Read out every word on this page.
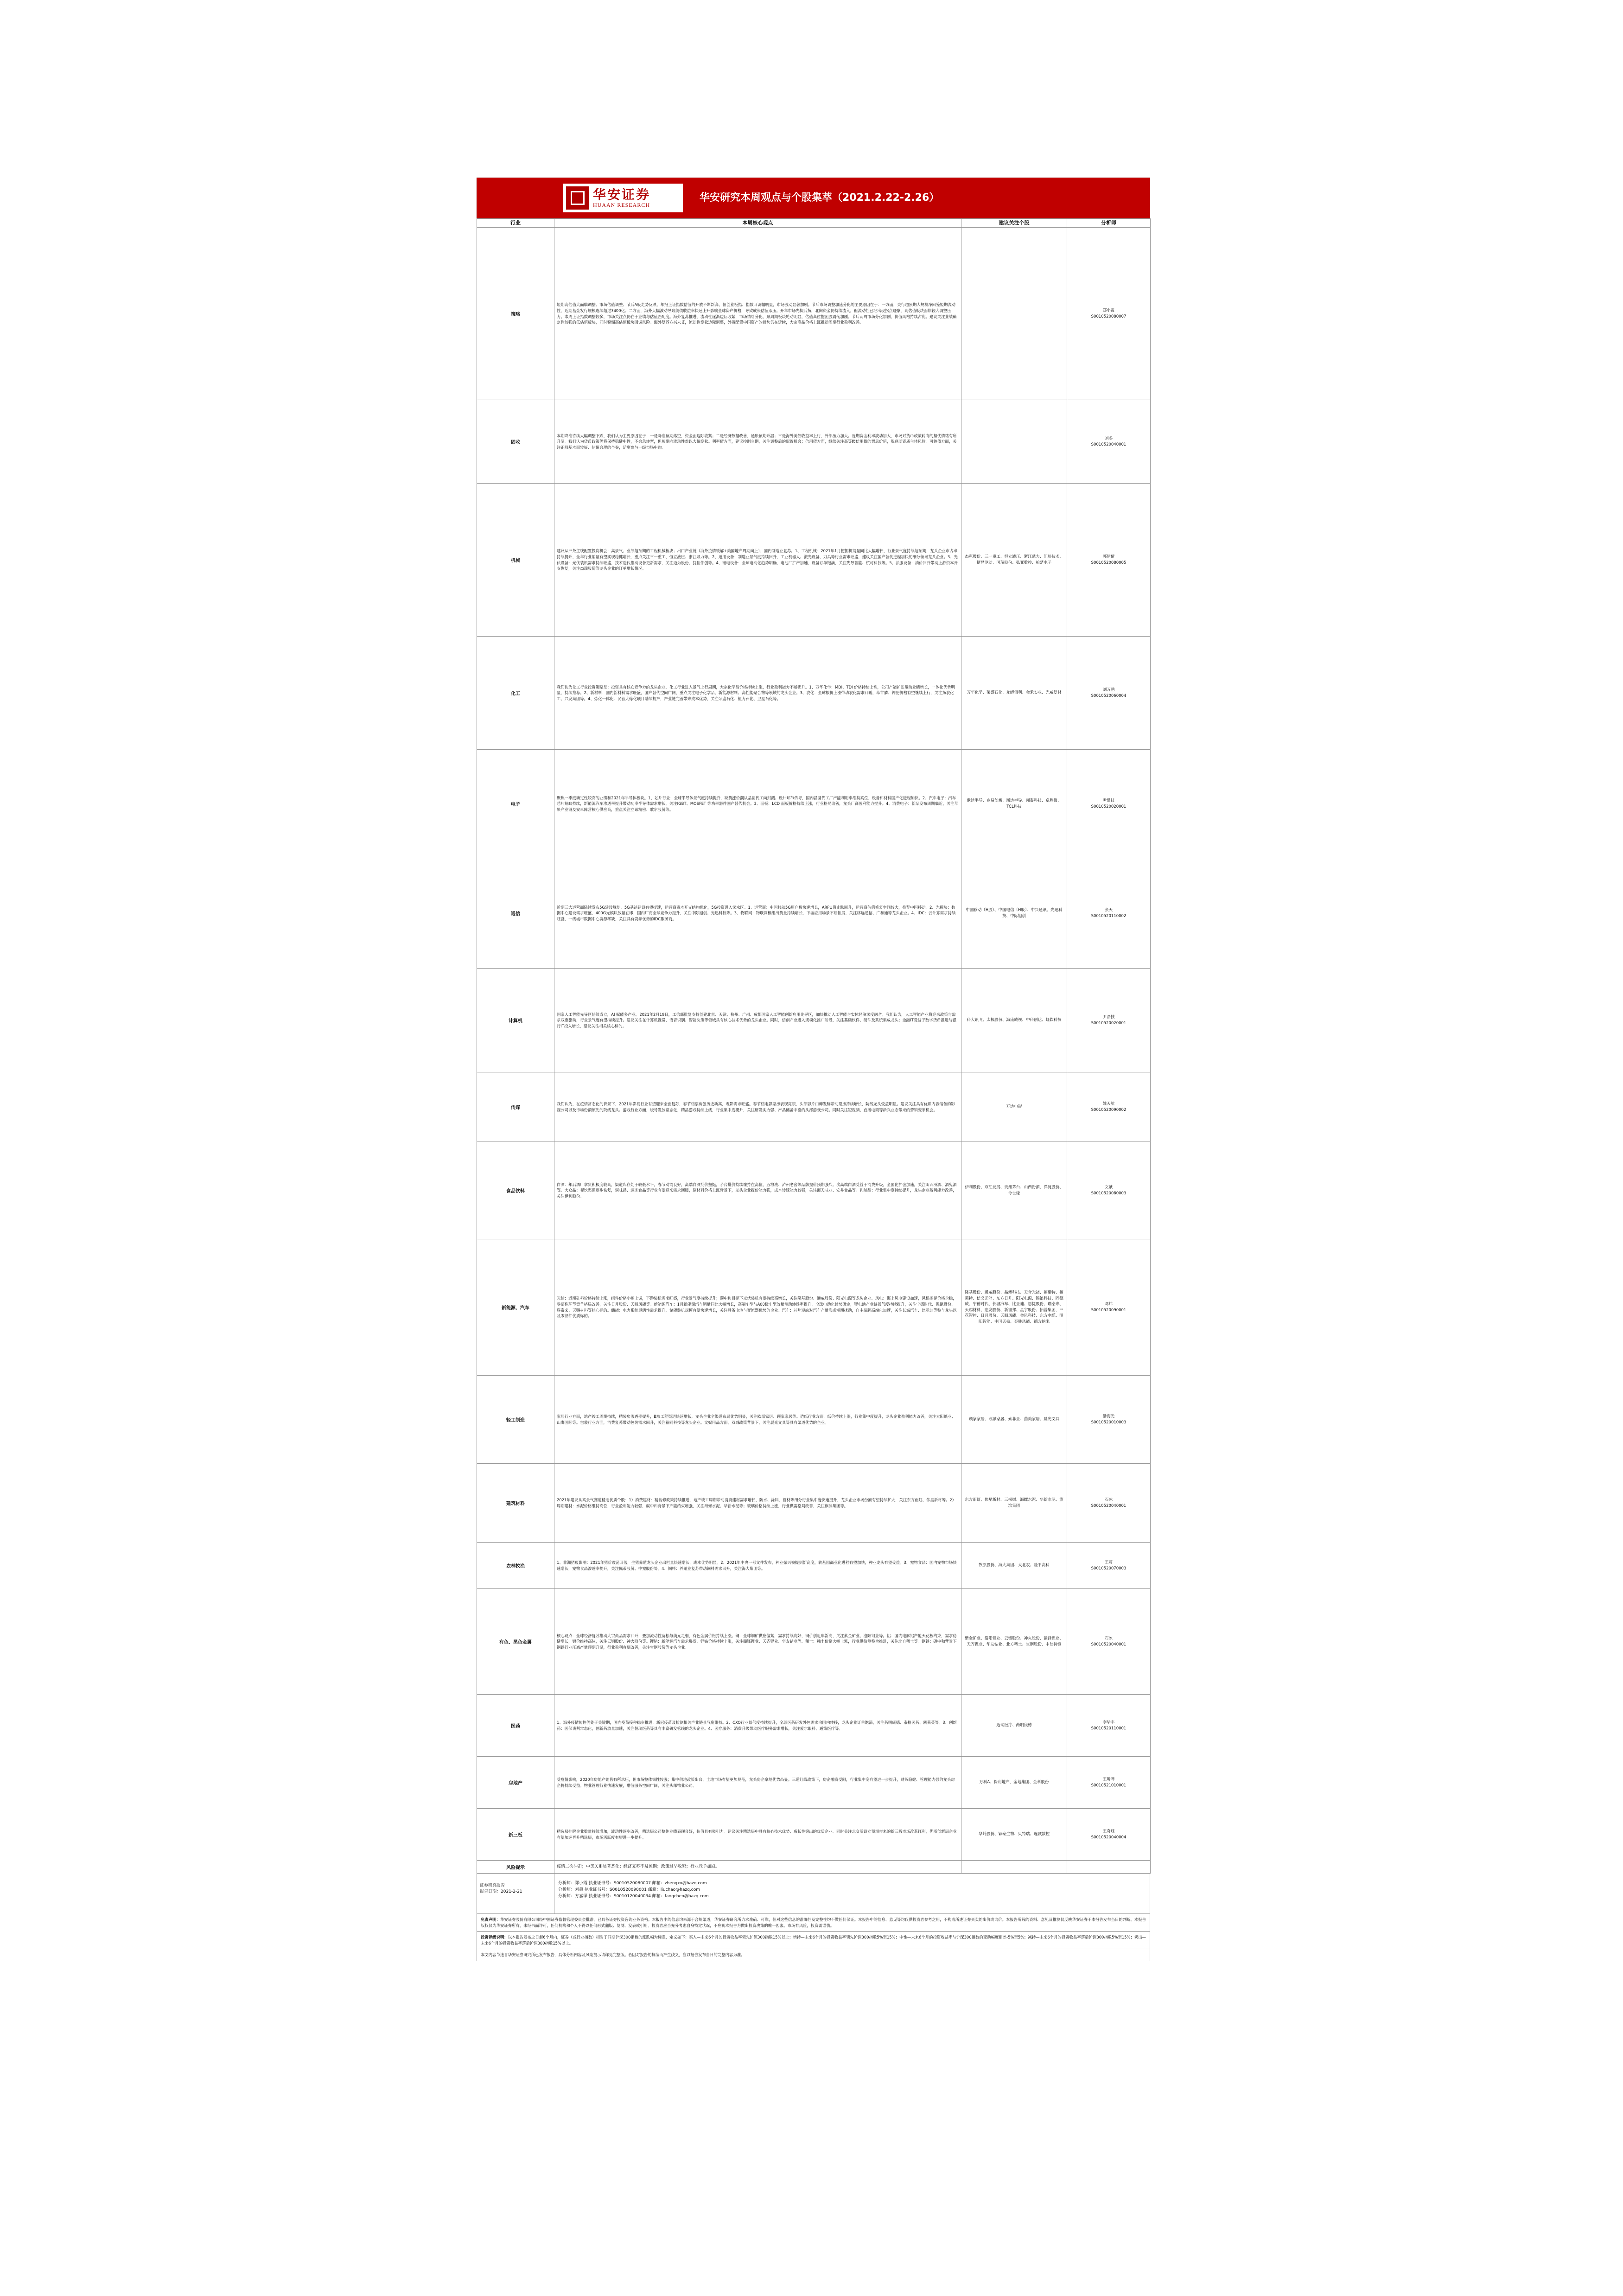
华安证券
HUAAN RESEARCH
华安研究本周观点与个股集萃（2021.2.22-2.26）
行业	本周核心观点	建议关注个股	分析师
策略	短期高估值大面临调整、市场估值调整、节后A股走势反映、年报上证指数估值的开放不断新高，但创业板指、指数回调幅明显，市场波动显著加剧。节后市场调整加速分化的主要原因在于：一方面，央行超预期大规模净回笼短期流动性，近期基金发行规模连续超过3400亿；二方面，海外大幅波动导致美债收益率快速上升影响全球资产价格，导致成长估值承压。开年市场先抑后扬，北向资金仍持续流入，但流动性已经出现拐点迹象，高估值板块面临较大调整压力。本周上证指数调整较多，市场关注点仍在于业绩与估值匹配度。海外复苏推进，流动性逐渐边际收紧，市场情绪分化，顺周期板块轮动明显，估值高位抱团股震荡加剧。节后两周市场分化加剧，价值风格持续占优。建议关注业绩确定性较强的低估值板块，同时警惕高估值板块回调风险。海外复苏方兴未艾，流动性宽松边际调整，外资配置中国资产的趋势仍在延续，大宗商品价格上涨推动周期行业盈利改善。		郑小霞
S0010520080007
固收	本期降准待续大幅调整下跌，我们认为主要原因在于：一是降准预期落空，资金面边际收紧；二是经济数据改善，通胀预期升温；三是海外美债收益率上行，外部压力加大。近期资金利率波动加大，市场对货币政策转向的担忧情绪有所升温。我们认为货币政策仍将保持稳健中性，不会急转弯，但短期内流动性难以大幅宽松。利率债方面，建议控制久期，关注调整后的配置机会；信用债方面，继续关注高等级信用债的票息价值，规避弱资质主体风险。可转债方面，关注正股基本面较好、估值合理的个券，适度参与一级市场申购。		刘冬
S0010520040001
机械	建议从三条主线配置投资机会：高景气、业绩超预期的工程机械板块；出口产业链（海外疫情缓解+美国地产周期向上）；国内制造业复苏。1、工程机械：2021年1月挖掘机销量同比大幅增长，行业景气度持续超预期，龙头企业市占率持续提升，全年行业销量有望实现稳健增长，重点关注三一重工、恒立液压、浙江鼎力等。2、通用设备：制造业景气度持续回升，工业机器人、激光设备、刀具等行业需求旺盛，建议关注国产替代进程加快的细分领域龙头企业。3、光伏设备：光伏装机需求持续旺盛，技术迭代推动设备更新需求，关注迈为股份、捷佳伟创等。4、锂电设备：全球电动化趋势明确，电池厂扩产加速，设备订单饱满，关注先导智能、杭可科技等。5、油服设备：油价回升带动上游资本开支恢复，关注杰瑞股份等龙头企业的订单增长情况。	杰克股份、三一重工、恒立液压、浙江鼎力、汇川技术、捷昌驱动、国茂股份、弘亚数控、柏楚电子	郭倩倩
S0010520080005
化工	我们认为化工行业投资策略是：投资具有核心竞争力的龙头企业，化工行业进入景气上行周期，大宗化学品价格持续上涨，行业盈利能力不断提升。1、万华化学：MDI、TDI 价格持续上涨，公司产能扩张带动业绩增长，一体化优势明显，持续推荐。2、新材料：国内新材料需求旺盛，国产替代空间广阔，重点关注电子化学品、新能源材料、高性能聚合物等领域的龙头企业。3、农化：全球粮价上涨带动农化需求回暖，草甘膦、钾肥价格有望继续上行，关注扬农化工、兴发集团等。4、炼化一体化：民营大炼化项目陆续投产，产业链完善带来成本优势，关注荣盛石化、恒力石化、卫星石化等。	万华化学、荣盛石化、龙蟒佰利、金禾实业、光威复材	刘万鹏
S0010520060004
电子	聚焦一季度确定性较高的业绩和2021年半导体板块。1、芯片行业：全球半导体景气度持续提升，缺货涨价潮从晶圆代工向封测、设计环节传导，国内晶圆代工厂产能利用率维持高位，设备和材料国产化进程加快。2、汽车电子：汽车芯片短缺持续，新能源汽车渗透率提升带动功率半导体需求增长，关注IGBT、MOSFET 等功率器件国产替代机会。3、面板：LCD 面板价格持续上涨，行业格局改善，龙头厂商盈利能力提升。4、消费电子：新品发布周期临近，关注苹果产业链及安卓阵营核心供应商，重点关注立讯精密、歌尔股份等。	歌达半导、兆易创新、斯达半导、闻泰科技、卓胜微、TCL科技	尹沿技
S0010520020001
通信	近期三大运营商陆续发布5G建设规划，5G基站建设有望提速，运营商资本开支结构优化，5G投资进入深水区。1、运营商：中国移动5G用户数快速增长，ARPU值止跌回升，运营商估值修复空间较大，推荐中国移动。2、光模块：数据中心建设需求旺盛，400G光模块放量在即，国内厂商全球竞争力提升，关注中际旭创、光迅科技等。3、物联网：物联网模组出货量持续增长，下游应用场景不断拓展，关注移远通信、广和通等龙头企业。4、IDC：云计算需求持续旺盛，一线城市数据中心资源稀缺，关注具有资源优势的IDC服务商。	中国移动（H股）、中国电信（H股）、中兴通讯、光迅科技、中际旭创	张天
S0010520110002
计算机	国家人工智能先导区陆续成立，AI 赋能多产业。2021年2月19日，工信部批复支持创建北京、天津、杭州、广州、成都国家人工智能创新应用先导区，加快推动人工智能与实体经济深度融合。我们认为，人工智能产业将迎来政策与需求双重驱动，行业景气度有望持续提升。建议关注在计算机视觉、语音识别、智能决策等领域具有核心技术优势的龙头企业。同时，信创产业进入规模化推广阶段，关注基础软件、硬件及系统集成龙头；金融IT受益于数字货币推进与银行IT投入增长，建议关注相关核心标的。	科大讯飞、太极股份、海康威视、中科创达、虹软科技	尹沿技
S0010520020001
传媒	我们认为，在疫情常态化的背景下，2021年影视行业有望迎来全面复苏，春节档票房创历史新高，观影需求旺盛。春节档电影票房表现亮眼，头部影片口碑发酵带动票房持续增长，院线龙头受益明显。建议关注具有优质内容储备的影视公司以及市场份额领先的院线龙头。游戏行业方面，版号发放常态化，精品游戏持续上线，行业集中度提升，关注研发实力强、产品储备丰富的头部游戏公司。同时关注短视频、直播电商等新兴业态带来的营销变革机会。	万达电影	姚天航
S0010520090002
食品饮料	白酒：年后酒厂拿货积极度较高，渠道库存处于较低水平，春节动销良好，高端白酒批价坚挺，茅台批价持续维持在高位，五粮液、泸州老窖等品牌提价预期强烈。次高端白酒受益于消费升级，全国化扩张加速，关注山西汾酒、酒鬼酒等。大众品：餐饮渠道逐步恢复，调味品、速冻食品等行业有望迎来需求回暖，原材料价格上涨背景下，龙头企业提价能力强，成本转嫁能力较强，关注海天味业、安井食品等。乳制品：行业集中度持续提升，龙头企业盈利能力改善，关注伊利股份。	伊利股份、双汇发展、贵州茅台、山西汾酒、洋河股份、今世缘	文献
S0010520080003
新能源、汽车	光伏：近期硅料价格持续上涨，组件价格小幅上调，下游装机需求旺盛，行业景气度持续提升；碳中和目标下光伏装机有望持续高增长，关注隆基股份、通威股份、阳光电源等龙头企业。风电：海上风电建设加速，风机招标价格企稳，零部件环节竞争格局改善，关注日月股份、天顺风能等。新能源汽车：1月新能源汽车销量同比大幅增长，高端车型与A00级车型放量带动渗透率提升，全球电动化趋势确定，锂电池产业链景气度持续提升，关注宁德时代、恩捷股份、璞泰来、天赐材料等核心标的。储能：电力系统灵活性需求提升，储能装机规模有望快速增长，关注具备电池与变流器优势的企业。汽车：芯片短缺对汽车产量形成短期扰动，自主品牌高端化加速，关注长城汽车、比亚迪等整车龙头以及零部件优质标的。	隆基股份、通威股份、晶澳科技、天合光能、福斯特、福莱特、信义光能、东方日升、阳光电源、锦浪科技、固德威、宁德时代、长城汽车、比亚迪、恩捷股份、璞泰来、天赐材料、宏发股份、新宙邦、星宇股份、拓普集团、三花智控、日月股份、天顺风能、金风科技、东方电缆、明阳智能、中国天楹、泰胜风能、德方纳米	邓炜
S0010520090001
轻工制造	家居行业方面，地产竣工周期持续，精装房渗透率提升，B端工程渠道快速增长，龙头企业全渠道布局优势明显，关注欧派家居、顾家家居等。造纸行业方面，纸价持续上涨，行业集中度提升，龙头企业盈利能力改善，关注太阳纸业、山鹰国际等。包装行业方面，消费复苏带动包装需求回升，关注裕同科技等龙头企业。文娱用品方面，双减政策背景下，关注晨光文具等具有渠道优势的企业。	顾家家居、欧派家居、索菲亚、曲美家居、晨光文具	潘海光
S0010520010003
建筑材料	2021年建议从高景气赛道精选优质个股：1）消费建材：精装修政策持续推进，地产竣工周期带动消费建材需求增长，防水、涂料、管材等细分行业集中度快速提升，龙头企业市场份额有望持续扩大，关注东方雨虹、伟星新材等。2）周期建材：水泥价格维持高位，行业盈利能力较强，碳中和背景下产能约束增强，关注海螺水泥、华新水泥等；玻璃价格持续上涨，行业供需格局改善，关注旗滨集团等。	东方雨虹、伟星新材、三棵树、海螺水泥、华新水泥、旗滨集团	石冰
S0010520040001
农林牧渔	1、非洲猪瘟影响：2021年猪价震荡回落，生猪养殖龙头企业出栏量快速增长，成本优势明显。2、2021年中央一号文件发布，种业振兴被提到新高度，转基因商业化进程有望加快，种业龙头有望受益。3、宠物食品：国内宠物市场快速增长，宠物食品渗透率提升，关注佩蒂股份、中宠股份等。4、饲料：养殖业复苏带动饲料需求回升，关注海大集团等。	牧原股份、海大集团、大北农、隆平高科	王莺
S0010520070003
有色、黑色金属	核心观点：全球经济复苏推动大宗商品需求回升，叠加流动性宽松与美元走弱，有色金属价格持续上涨。铜：全球铜矿供应偏紧，需求持续向好，铜价创近年新高，关注紫金矿业、洛阳钼业等。铝：国内电解铝产能天花板约束，需求稳健增长，铝价维持高位，关注云铝股份、神火股份等。锂钴：新能源汽车需求爆发，锂钴价格持续上涨，关注赣锋锂业、天齐锂业、华友钴业等。稀土：稀土价格大幅上涨，行业供给侧整合推进，关注北方稀土等。钢铁：碳中和背景下钢铁行业压减产量预期升温，行业盈利有望改善，关注宝钢股份等龙头企业。	紫金矿业、洛阳钼业、云铝股份、神火股份、赣锋锂业、天齐锂业、华友钴业、北方稀土、宝钢股份、中信特钢	石冰
S0010520040001
医药	1、海外疫情防控仍处于关键期，国内疫苗接种稳步推进，新冠疫苗及检测相关产业链景气度维持。2、CXO行业景气度持续提升，全球医药研发外包需求向国内转移，龙头企业订单饱满，关注药明康德、泰格医药、凯莱英等。3、创新药：医保谈判常态化，创新药放量加速，关注恒瑞医药等具有丰富研发管线的龙头企业。4、医疗服务：消费升级带动医疗服务需求增长，关注爱尔眼科、通策医疗等。	迈瑞医疗、药明康德	李华丰
S0010520110001
房地产	受疫情影响，2020年房地产销售有所承压，但市场整体韧性较强；集中供地政策出台，土地市场有望更加规范，龙头房企拿地优势凸显。三道红线政策下，房企融资受限，行业集中度有望进一步提升，财务稳健、管理能力强的龙头房企将持续受益。物业管理行业快速发展，增值服务空间广阔，关注头部物业公司。	万科A、保利地产、金地集团、金科股份	王昕晔
S0010521010001
新三板	精选层挂牌企业数量持续增加，流动性逐步改善，精选层公司整体业绩表现良好，估值具有吸引力。建议关注精选层中具有核心技术优势、成长性突出的优质企业。同时关注北交所设立预期带来的新三板市场改革红利，优质创新层企业有望加速晋升精选层，市场活跃度有望进一步提升。	华岭股份、颖泰生物、贝特瑞、连城数控	王奇珏
S0010520040004
风险提示	疫情二次冲击；中美关系显著恶化；经济复苏不及预期；政策过早收紧；行业竞争加剧。		
证券研究报告
报告日期：2021-2-21
分析师：郑小霞 执业证书号：S0010520080007 邮箱：zhengxx@hazq.com
分析师：刘超 执业证书号：S0010520090001 邮箱：liuchao@hazq.com
分析师：方嘉琛 执业证书号：S0010120040034 邮箱：fangchen@hazq.com
免责声明：华安证券股份有限公司经中国证券监督管理委员会批准，已具备证券投资咨询业务资格。本报告中的信息均来源于合规渠道，华安证券研究所力求准确、可靠，但对这些信息的准确性及完整性均不做任何保证。本报告中的信息、意见等均仅供投资者参考之用，不构成所述证券买卖的出价或询价。本报告所载的资料、意见及推测仅反映华安证券于本报告发布当日的判断。本报告版权仅为华安证券所有，未经书面许可，任何机构和个人不得以任何形式翻版、复制、发表或引用。投资者应当充分考虑自身特定状况，不应视本报告为做出投资决策的唯一因素。市场有风险，投资需谨慎。
投资评级说明：以本报告发布之日起6个月内，证券（或行业指数）相对于同期沪深300指数的涨跌幅为标准，定义如下：买入—未来6个月的投资收益率领先沪深300指数15%以上；增持—未来6个月的投资收益率领先沪深300指数5%至15%；中性—未来6个月的投资收益率与沪深300指数的变动幅度相差-5%至5%；减持—未来6个月的投资收益率落后沪深300指数5%至15%；卖出—未来6个月的投资收益率落后沪深300指数15%以上。
本文内容节选自华安证券研究所已发布报告，具体分析内容及风险提示请详见完整版。若因对报告的摘编而产生歧义，应以报告发布当日的完整内容为准。
